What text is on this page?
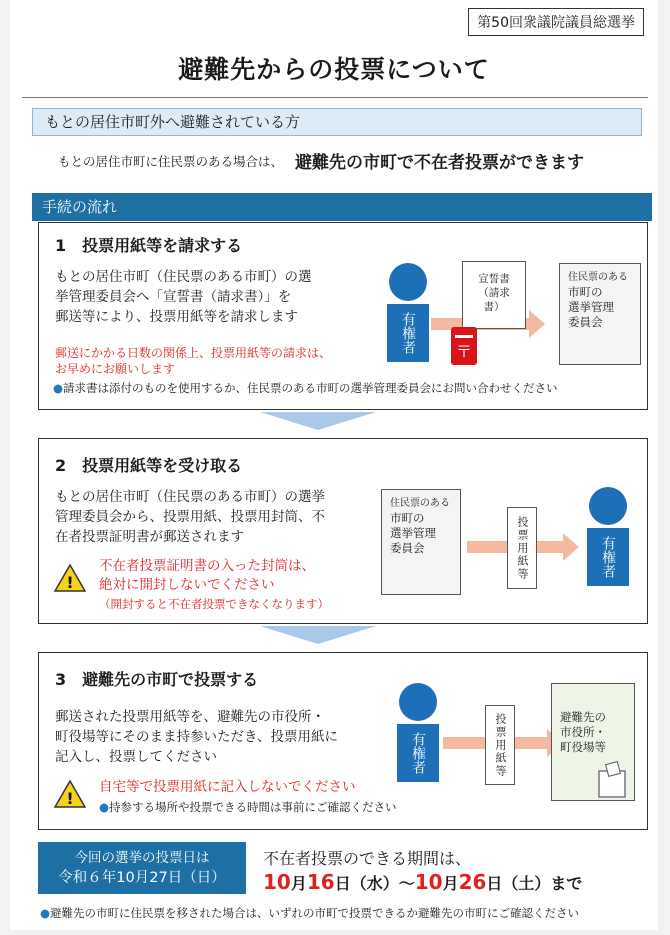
第50回衆議院議員総選挙
避難先からの投票について
もとの居住市町外へ避難されている方
もとの居住市町に住民票のある場合は、 避難先の市町で不在者投票ができます
手続の流れ
1　投票用紙等を請求する
もとの居住市町（住民票のある市町）の選
挙管理委員会へ「宣誓書（請求書）」を
郵送等により、投票用紙等を請求します
郵送にかかる日数の関係上、投票用紙等の請求は、
お早めにお願いします
●請求書は添付のものを使用するか、住民票のある市町の選挙管理委員会にお問い合わせください
有権者
宣誓書
（請求書）
〒
住民票のある
市町の
選挙管理
委員会
2　投票用紙等を受け取る
もとの居住市町（住民票のある市町）の選挙
管理委員会から、投票用紙、投票用封筒、不
在者投票証明書が郵送されます
!
不在者投票証明書の入った封筒は、
絶対に開封しないでください
（開封すると不在者投票できなくなります）
住民票のある
市町の
選挙管理
委員会	投票用紙等	有権者
3　避難先の市町で投票する
郵送された投票用紙等を、避難先の市役所・
町役場等にそのまま持参いただき、投票用紙に
記入し、投票してください
!
自宅等で投票用紙に記入しないでください
●持参する場所や投票できる時間は事前にご確認ください
有権者	投票用紙等	避難先の
市役所・
町役場等
今回の選挙の投票日は
令和６年10月27日（日）
不在者投票のできる期間は、
10月16日（水）～10月26日（土）まで
●避難先の市町に住民票を移された場合は、いずれの市町で投票できるか避難先の市町にご確認ください
